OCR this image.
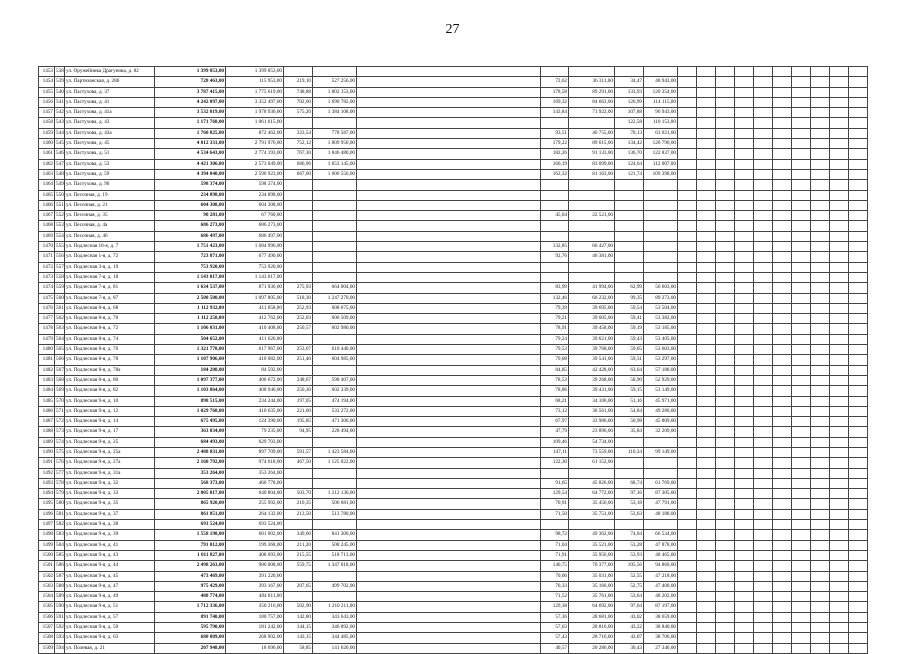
27
1453	538	ул. Оружейника Драгунова, д. 82	1 399 853,00	1 399 853,00																	
1454	539	ул. Партизанская, д. 28б	728 463,00	115 953,00	219,10	527 256,00		72,62	36 311,00	34,47	48 943,00										
1455	540	ул. Пастухова, д. 37	3 787 415,00	1 775 619,00	748,88	1 802 153,00		178,58	89 291,00	133,93	120 354,00										
1456	541	ул. Пастухова, д. 41	4 242 097,00	3 352 497,00	702,60	1 690 782,00		169,32	84 663,00	126,99	114 115,00										
1457	542	ул. Пастухова, д. 41а	3 532 019,00	1 978 936,00	575,20	1 384 108,00		143,84	71 922,00	107,88	96 943,00										
1458	543	ул. Пастухова, д. 43	1 171 768,00	1 061 615,00						122,58	110 153,00										
1459	544	ул. Пастухова, д. 43а	1 760 825,00	872 462,00	323,54	778 587,00		93,51	46 755,00	70,13	63 021,00										
1460	545	ул. Пастухова, д. 45	4 812 331,00	2 791 976,00	752,12	1 809 950,00		179,22	89 615,00	134,42	120 790,00										
1461	546	ул. Пастухова, д. 51	4 534 643,00	2 774 193,00	767,30	1 846 480,00		182,26	91 133,00	136,70	122 837,00										
1462	547	ул. Пастухова, д. 53	4 421 306,00	2 573 049,00	686,96	1 653 145,00		166,19	83 099,00	124,64	112 007,00										
1463	548	ул. Пастухова, д. 59	4 394 040,00	2 596 923,00	667,60	1 606 556,00		162,32	81 163,00	121,74	109 398,00										
1464	549	ул. Пастухова, д. 90	598 374,00	598 374,00																	
1465	550	ул. Песочная, д. 19	234 898,00	234 898,00																	
1466	551	ул. Песочная, д. 21	604 308,00	604 308,00																	
1467	552	ул. Песочная, д. 35	90 281,00	67 760,00				45,04	22 521,00												
1468	553	ул. Песочная, д. 4а	686 273,00	686 273,00																	
1469	554	ул. Песочная, д. 46	686 497,00	686 497,00																	
1470	555	ул. Подлесная 10-я, д. 7	1 751 423,00	1 684 996,00				132,85	66 427,00												
1471	556	ул. Подлесная 1-я, д. 72	723 871,00	677 490,00				92,76	46 381,00												
1472	557	ул. Подлесная 3-я, д. 19	753 920,00	753 920,00																	
1473	558	ул. Подлесная 7-я, д. 18	1 143 017,00	1 143 017,00																	
1474	559	ул. Подлесная 7-я, д. 81	1 634 537,00	871 936,00	275,93	664 004,00		83,99	41 994,00	62,99	56 603,00										
1475	560	ул. Подлесная 7-я, д. 87	2 500 580,00	1 097 805,00	518,30	1 247 270,00		132,46	66 232,00	99,35	89 273,00										
1476	561	ул. Подлесная 8-я, д. 68	1 112 932,00	411 058,00	252,93	608 675,00		79,39	39 695,00	59,54	53 504,00										
1477	562	ул. Подлесная 8-я, д. 70	1 112 258,00	412 762,00	252,03	606 509,00		79,21	39 605,00	59,41	53 382,00										
1478	563	ул. Подлесная 8-я, д. 72	1 106 031,00	410 408,00	250,57	602 980,00		78,91	39 458,00	59,19	53 185,00										
1479	564	ул. Подлесная 8-я, д. 74	504 652,00	411 626,00				79,24	39 621,00	59,43	53 405,00										
1480	565	ул. Подлесная 8-я, д. 76	1 321 778,00	617 967,00	253,67	610 440,00		79,53	39 768,00	59,65	53 603,00										
1481	566	ул. Подлесная 8-я, д. 78	1 107 906,00	410 082,00	251,40	604 985,00		79,08	39 541,00	59,31	53 297,00										
1482	567	ул. Подлесная 8-я, д. 78а	184 208,00	84 592,00				84,85	42 428,00	63,64	57 188,00										
1483	568	ул. Подлесная 8-я, д. 80	1 097 377,00	406 672,00	248,67	598 407,00		78,53	39 268,00	58,90	52 929,00										
1484	569	ул. Подлесная 8-я, д. 82	1 103 864,00	408 946,00	250,30	602 339,00		78,86	39 431,00	59,15	53 149,00										
1485	570	ул. Подлесная 9-я, д. 10	898 515,00	234 244,00	197,05	474 194,00		68,21	34 106,00	51,16	45 971,00										
1486	571	ул. Подлесная 9-я, д. 12	1 029 768,00	410 635,00	221,60	533 272,00		73,12	36 561,00	54,84	49 280,00										
1487	572	ул. Подлесная 9-я, д. 14	675 495,00	124 390,00	195,85	471 306,00		67,97	33 986,00	50,98	45 809,00										
1488	573	ул. Подлесная 9-я, д. 17	363 834,00	79 235,00	94,95	228 494,00		47,79	23 896,00	35,84	32 209,00										
1489	574	ул. Подлесная 9-я, д. 25	684 493,00	629 703,00				109,46	54 734,00												
1490	575	ул. Подлесная 9-я, д. 25а	2 488 031,00	897 709,00	591,57	1 423 584,00		147,11	73 559,00	110,34	99 149,00										
1491	576	ул. Подлесная 9-я, д. 27а	2 160 792,00	974 618,00	467,50	1 125 022,00		122,30	61 152,00												
1492	577	ул. Подлесная 9-я, д. 31а	353 264,00	353 264,00																	
1493	578	ул. Подлесная 9-я, д. 32	568 373,00	460 778,00				91,65	45 826,00	68,74	61 769,00										
1494	579	ул. Подлесная 9-я, д. 33	2 005 017,00	640 804,00	503,70	1 212 136,00		129,54	64 772,00	97,16	87 305,00										
1495	580	ул. Подлесная 9-я, д. 35	865 920,00	255 992,00	210,35	506 681,00		70,91	35 456,00	53,18	47 791,00										
1496	581	ул. Подлесная 9-я, д. 37	861 851,00	264 132,00	213,50	513 780,00		71,50	35 751,00	53,63	48 188,00										
1497	582	ул. Подлесная 9-я, д. 38	693 524,00	693 524,00																	
1498	583	ул. Подлесная 9-я, д. 39	1 558 198,00	601 002,00	349,60	841 300,00		98,72	49 362,00	74,04	66 534,00										
1499	584	ул. Подлесная 9-я, д. 41	791 012,00	199 368,00	211,20	508 245,00		71,04	35 521,00	53,28	47 878,00										
1500	585	ул. Подлесная 9-я, д. 43	1 011 827,00	408 693,00	215,55	518 713,00		71,91	35 956,00	53,93	48 465,00										
1501	586	ул. Подлесная 9-я, д. 44	2 498 263,00	986 008,00	559,75	1 347 018,00		140,75	70 377,00	105,56	94 860,00										
1502	587	ул. Подлесная 9-я, д. 45	473 469,00	391 220,00				70,06	35 031,00	52,55	47 218,00										
1503	588	ул. Подлесная 9-я, д. 47	975 429,00	393 167,00	207,65	499 702,00		70,33	35 166,00	52,75	47 400,00										
1504	589	ул. Подлесная 9-я, д. 49	488 774,00	404 811,00				71,52	35 761,00	53,64	48 202,00										
1505	590	ул. Подлесная 9-я, д. 51	1 712 336,00	350 216,00	502,90	1 210 211,00		129,38	64 692,00	97,04	87 197,00										
1506	591	ул. Подлесная 9-я, д. 57	891 740,00	180 757,00	142,80	343 643,00		57,36	28 681,00	43,02	38 659,00										
1507	592	ул. Подлесная 9-я, д. 59	595 790,00	181 242,00	144,15	346 892,00		57,63	28 816,00	43,22	38 840,00										
1508	593	ул. Подлесная 9-я, д. 63	680 809,00	268 902,00	143,15	344 485,00		57,43	28 716,00	43,07	38 706,00										
1509	594	ул. Полевая, д. 21	207 948,00	18 696,00	58,85	141 620,00		40,57	20 286,00	30,43	27 346,00										
